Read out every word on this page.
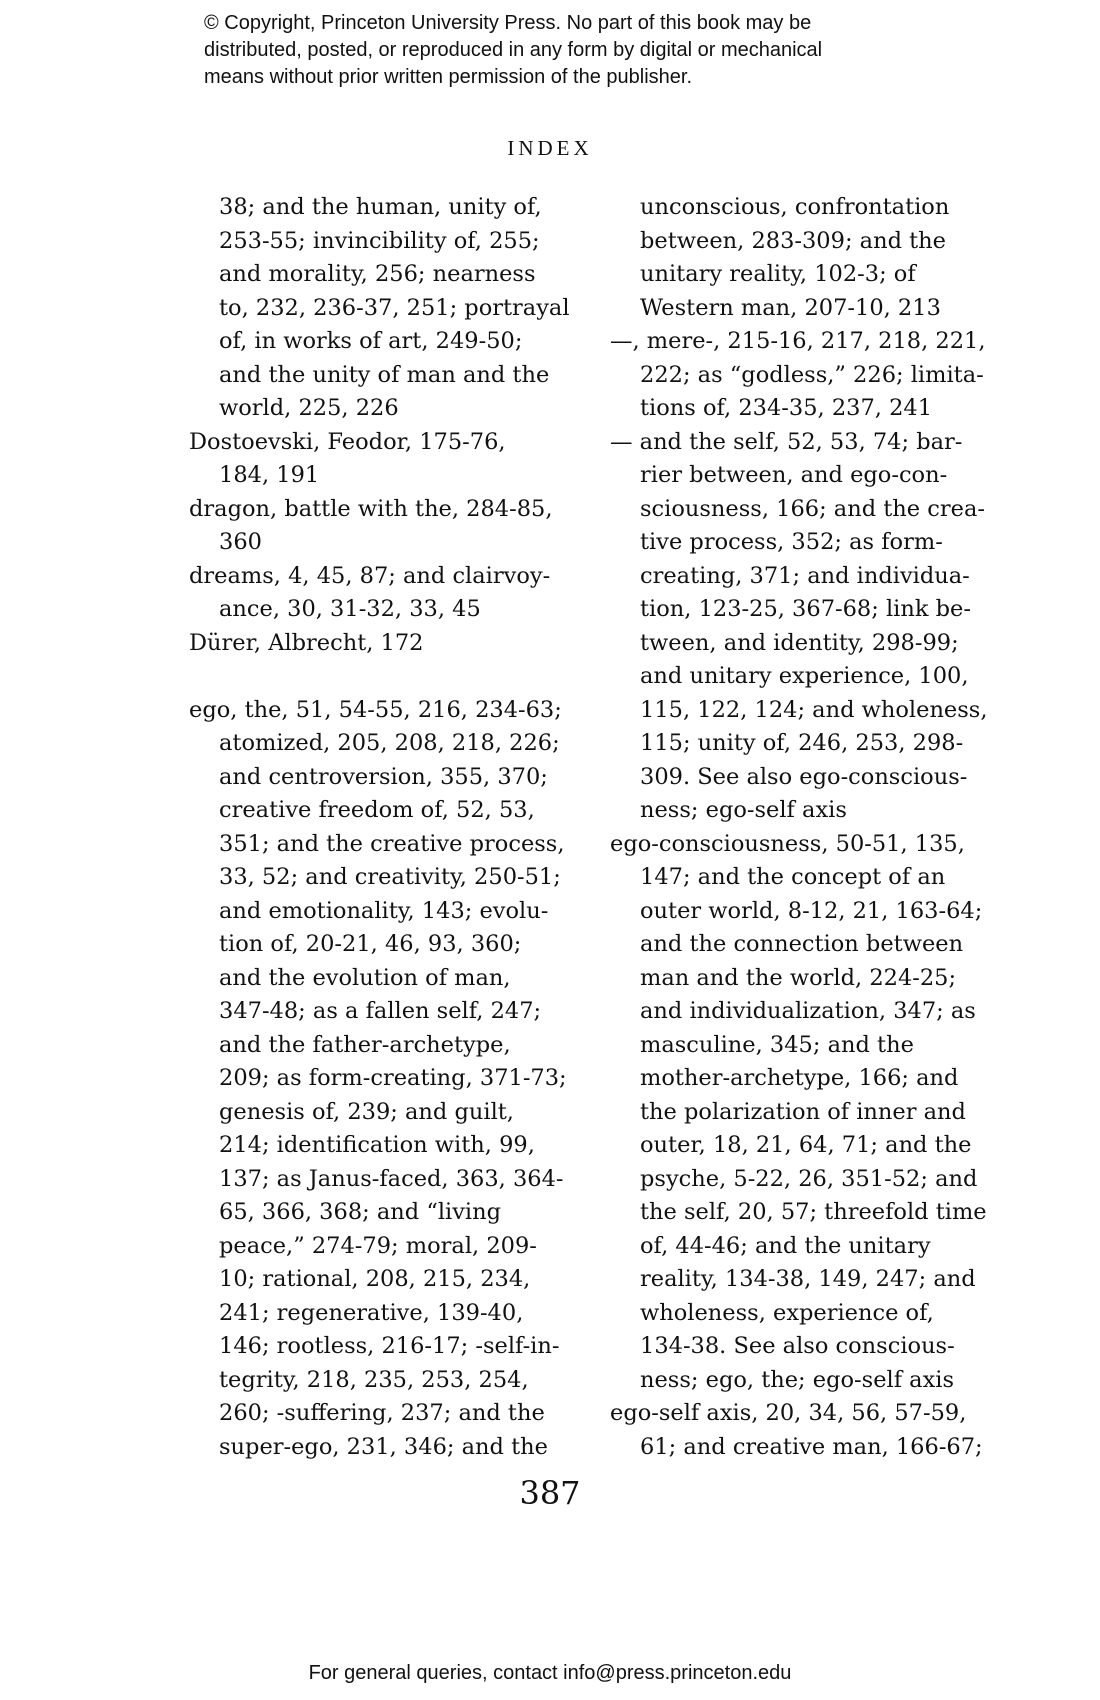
© Copyright, Princeton University Press. No part of this book may be
distributed, posted, or reproduced in any form by digital or mechanical
means without prior written permission of the publisher.
INDEX
38; and the human, unity of,
253-55; invincibility of, 255;
and morality, 256; nearness
to, 232, 236-37, 251; portrayal
of, in works of art, 249-50;
and the unity of man and the
world, 225, 226
Dostoevski, Feodor, 175-76,
184, 191
dragon, battle with the, 284-85,
360
dreams, 4, 45, 87; and clairvoy-
ance, 30, 31-32, 33, 45
Dürer, Albrecht, 172
ego, the, 51, 54-55, 216, 234-63;
atomized, 205, 208, 218, 226;
and centroversion, 355, 370;
creative freedom of, 52, 53,
351; and the creative process,
33, 52; and creativity, 250-51;
and emotionality, 143; evolu-
tion of, 20-21, 46, 93, 360;
and the evolution of man,
347-48; as a fallen self, 247;
and the father-archetype,
209; as form-creating, 371-73;
genesis of, 239; and guilt,
214; identification with, 99,
137; as Janus-faced, 363, 364-
65, 366, 368; and “living
peace,” 274-79; moral, 209-
10; rational, 208, 215, 234,
241; regenerative, 139-40,
146; rootless, 216-17; -self-in-
tegrity, 218, 235, 253, 254,
260; -suffering, 237; and the
super-ego, 231, 346; and the
unconscious, confrontation
between, 283-309; and the
unitary reality, 102-3; of
Western man, 207-10, 213
—, mere-, 215-16, 217, 218, 221,
222; as “godless,” 226; limita-
tions of, 234-35, 237, 241
— and the self, 52, 53, 74; bar-
rier between, and ego-con-
sciousness, 166; and the crea-
tive process, 352; as form-
creating, 371; and individua-
tion, 123-25, 367-68; link be-
tween, and identity, 298-99;
and unitary experience, 100,
115, 122, 124; and wholeness,
115; unity of, 246, 253, 298-
309. See also ego-conscious-
ness; ego-self axis
ego-consciousness, 50-51, 135,
147; and the concept of an
outer world, 8-12, 21, 163-64;
and the connection between
man and the world, 224-25;
and individualization, 347; as
masculine, 345; and the
mother-archetype, 166; and
the polarization of inner and
outer, 18, 21, 64, 71; and the
psyche, 5-22, 26, 351-52; and
the self, 20, 57; threefold time
of, 44-46; and the unitary
reality, 134-38, 149, 247; and
wholeness, experience of,
134-38. See also conscious-
ness; ego, the; ego-self axis
ego-self axis, 20, 34, 56, 57-59,
61; and creative man, 166-67;
387
For general queries, contact info@press.princeton.edu
